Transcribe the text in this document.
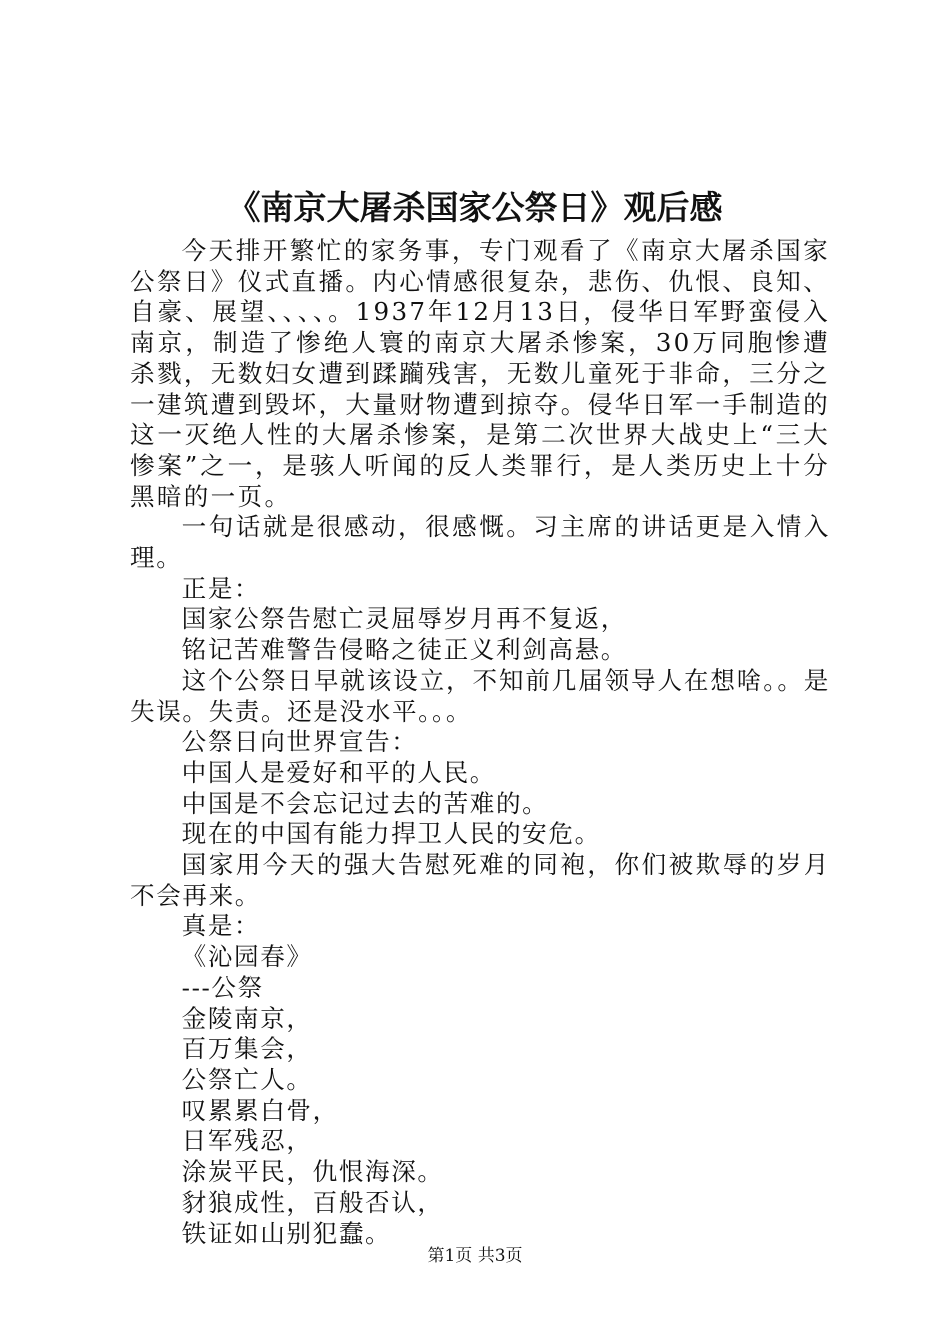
《南京大屠杀国家公祭日》观后感

今天排开繁忙的家务事，专门观看了《南京大屠杀国家公祭日》仪式直播。内心情感很复杂，悲伤、仇恨、良知、自豪、展望、、、、。1937年12月13日，侵华日军野蛮侵入南京，制造了惨绝人寰的南京大屠杀惨案，30万同胞惨遭杀戮，无数妇女遭到蹂躏残害，无数儿童死于非命，三分之一建筑遭到毁坏，大量财物遭到掠夺。侵华日军一手制造的这一灭绝人性的大屠杀惨案，是第二次世界大战史上“三大惨案”之一，是骇人听闻的反人类罪行，是人类历史上十分黑暗的一页。

一句话就是很感动，很感慨。习主席的讲话更是入情入理。

正是：

国家公祭告慰亡灵屈辱岁月再不复返，

铭记苦难警告侵略之徒正义利剑高悬。

这个公祭日早就该设立，不知前几届领导人在想啥。。是失误。失责。还是没水平。。。

公祭日向世界宣告：

中国人是爱好和平的人民。

中国是不会忘记过去的苦难的。

现在的中国有能力捍卫人民的安危。

国家用今天的强大告慰死难的同袍，你们被欺辱的岁月不会再来。

真是：

《沁园春》

---公祭

金陵南京，

百万集会，

公祭亡人。

叹累累白骨，

日军残忍，

涂炭平民，仇恨海深。

豺狼成性，百般否认，

铁证如山别犯蠢。

第1页 共3页
